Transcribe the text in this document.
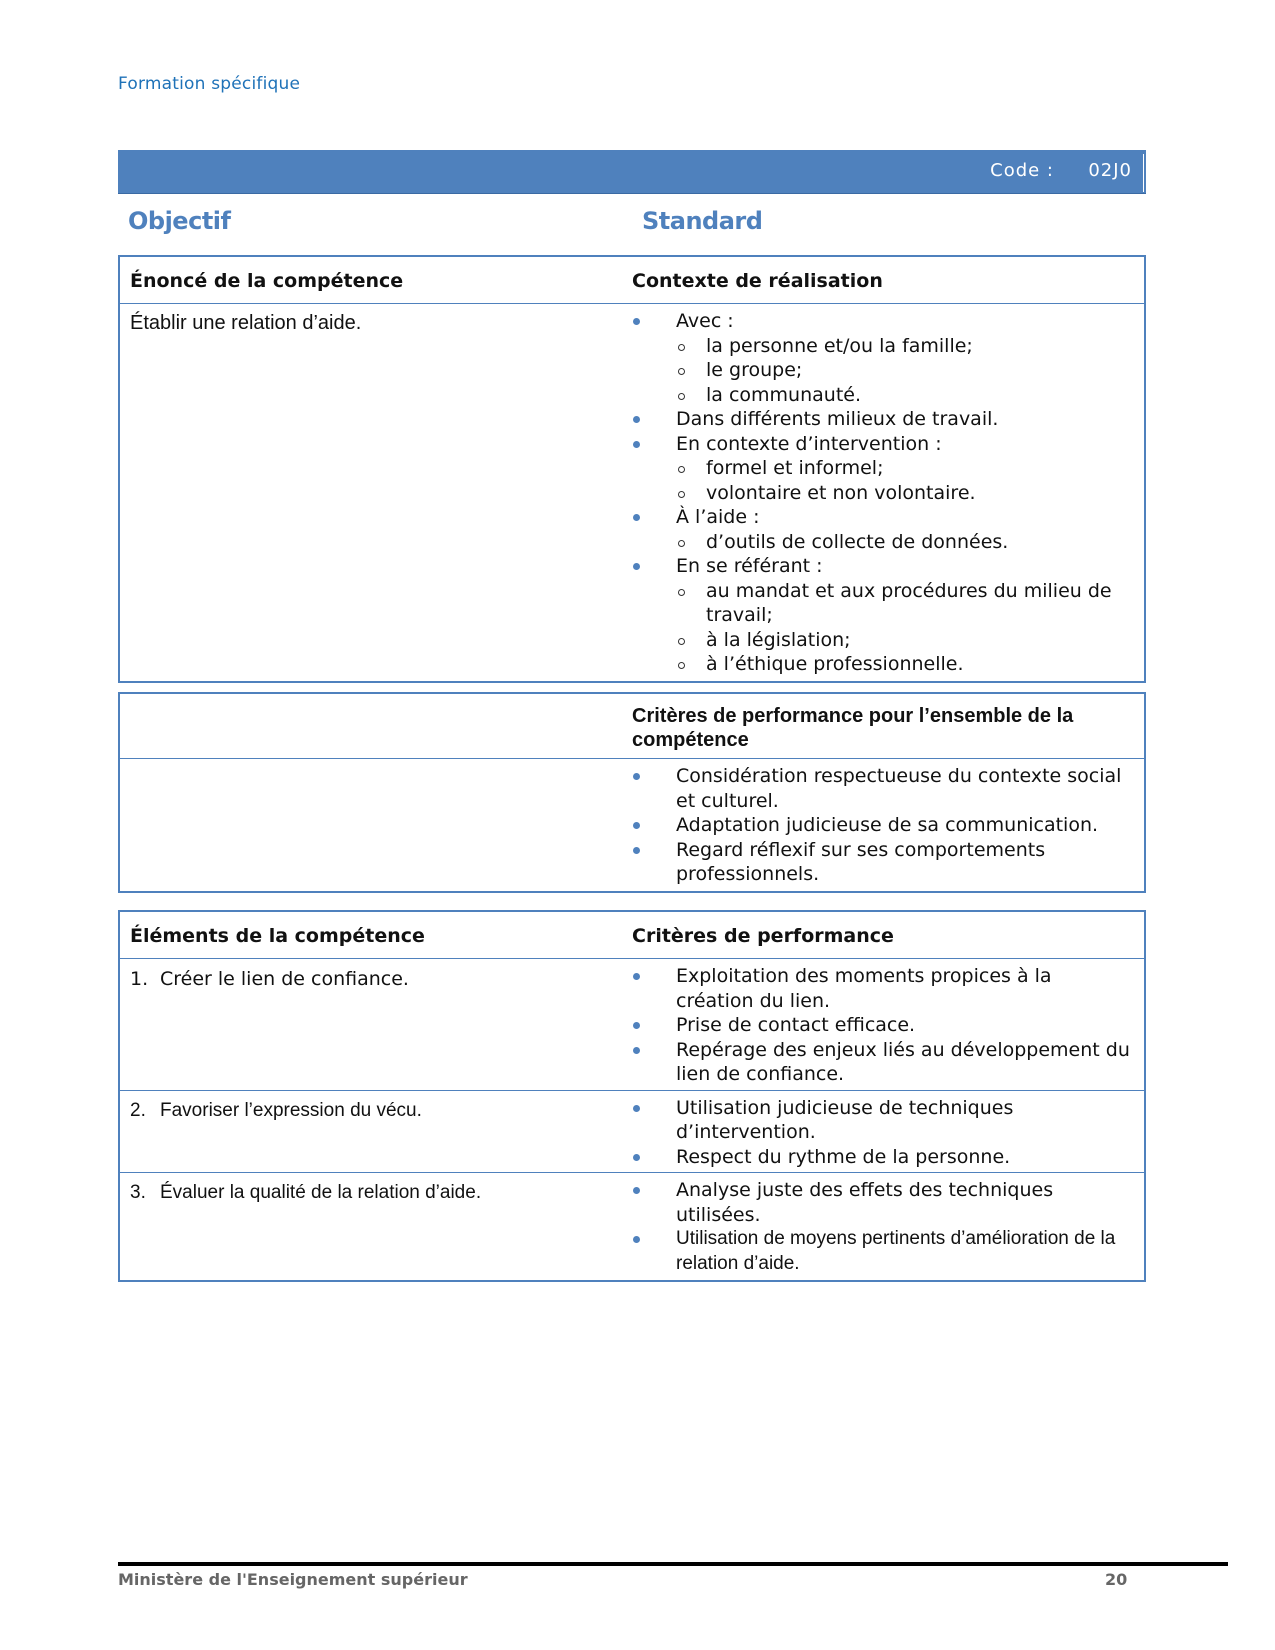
Formation spécifique
Code : 02J0
Objectif	Standard
Énoncé de la compétence	Contexte de réalisation
Établir une relation d’aide.	Avec :
la personne et/ou la famille;
le groupe;
la communauté.
Dans différents milieux de travail.
En contexte d’intervention :
formel et informel;
volontaire et non volontaire.
À l’aide :
d’outils de collecte de données.
En se référant :
au mandat et aux procédures du milieu de travail;
à la législation;
à l’éthique professionnelle.
Critères de performance pour l’ensemble de la compétence
Considération respectueuse du contexte social et culturel.
Adaptation judicieuse de sa communication.
Regard réflexif sur ses comportements professionnels.
Éléments de la compétence	Critères de performance
1. Créer le lien de confiance.	Exploitation des moments propices à la création du lien.
Prise de contact efficace.
Repérage des enjeux liés au développement du lien de confiance.
2. Favoriser l’expression du vécu.	Utilisation judicieuse de techniques d’intervention.
Respect du rythme de la personne.
3. Évaluer la qualité de la relation d’aide.	Analyse juste des effets des techniques utilisées.
Utilisation de moyens pertinents d’amélioration de la relation d’aide.
Ministère de l'Enseignement supérieur	20
